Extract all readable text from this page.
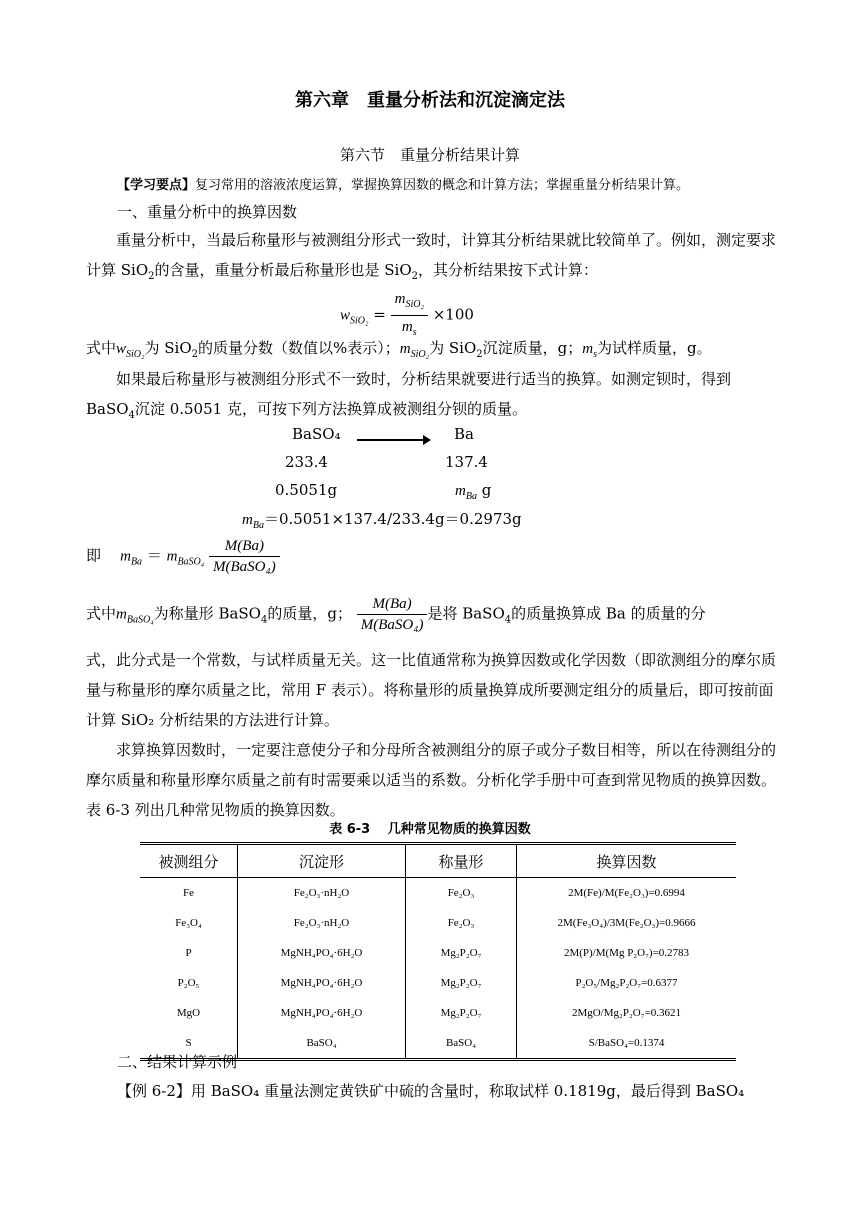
第六章　重量分析法和沉淀滴定法
第六节　重量分析结果计算
【学习要点】复习常用的溶液浓度运算，掌握换算因数的概念和计算方法；掌握重量分析结果计算。
一、重量分析中的换算因数
重量分析中，当最后称量形与被测组分形式一致时，计算其分析结果就比较简单了。例如，测定要求计算 SiO$_2$的含量，重量分析最后称量形也是 SiO$_2$，其分析结果按下式计算：
$w_{SiO_2} = \frac{m_{SiO_2}}{m_s} \times 100$
式中$w_{SiO_2}$为 SiO$_2$的质量分数（数值以%表示）；$m_{SiO_2}$为 SiO$_2$沉淀质量，g；$m_s$为试样质量，g。
如果最后称量形与被测组分形式不一致时，分析结果就要进行适当的换算。如测定钡时，得到 BaSO$_4$沉淀 0.5051 克，可按下列方法换算成被测组分钡的质量。
BaSO₄	Ba
233.4	137.4
0.5051g	$m_{Ba}$ g
$m_{Ba}=0.5051\times 137.4/233.4g=0.2973g$
即 $m_{Ba} = m_{BaSO_4} \frac{M(Ba)}{\text{M(BaSO₄)}}$
式中$m_{BaSO_4}$为称量形 BaSO$_4$的质量，g； $\frac{M(Ba)}{\text{M(BaSO₄)}}$ 是将 BaSO$_4$的质量换算成 Ba 的质量的分
式，此分式是一个常数，与试样质量无关。这一比值通常称为换算因数或化学因数（即欲测组分的摩尔质量与称量形的摩尔质量之比，常用 F 表示）。将称量形的质量换算成所要测定组分的质量后，即可按前面计算 SiO₂ 分析结果的方法进行计算。
求算换算因数时，一定要注意使分子和分母所含被测组分的原子或分子数目相等，所以在待测组分的摩尔质量和称量形摩尔质量之前有时需要乘以适当的系数。分析化学手册中可查到常见物质的换算因数。表 6-3 列出几种常见物质的换算因数。
表 6-3　 几种常见物质的换算因数
被测组分	沉淀形	称量形	换算因数
Fe	Fe₂O₃·nH₂O	Fe₂O₃	2M(Fe)/M(Fe₂O₃)=0.6994
Fe₃O₄	Fe₂O₃·nH₂O	Fe₂O₃	2M(Fe₃O₄)/3M(Fe₂O₃)=0.9666
P	MgNH₄PO₄·6H₂O	Mg₂P₂O₇	2M(P)/M(Mg P₂O₇)=0.2783
P₂O₅	MgNH₄PO₄·6H₂O	Mg₂P₂O₇	P₂O₅/Mg₂P₂O₇=0.6377
MgO	MgNH₄PO₄·6H₂O	Mg₂P₂O₇	2MgO/Mg₂P₂O₇=0.3621
S	BaSO₄	BaSO₄	S/BaSO₄=0.1374
二、结果计算示例
【例 6-2】用 BaSO₄ 重量法测定黄铁矿中硫的含量时，称取试样 0.1819g，最后得到 BaSO₄
